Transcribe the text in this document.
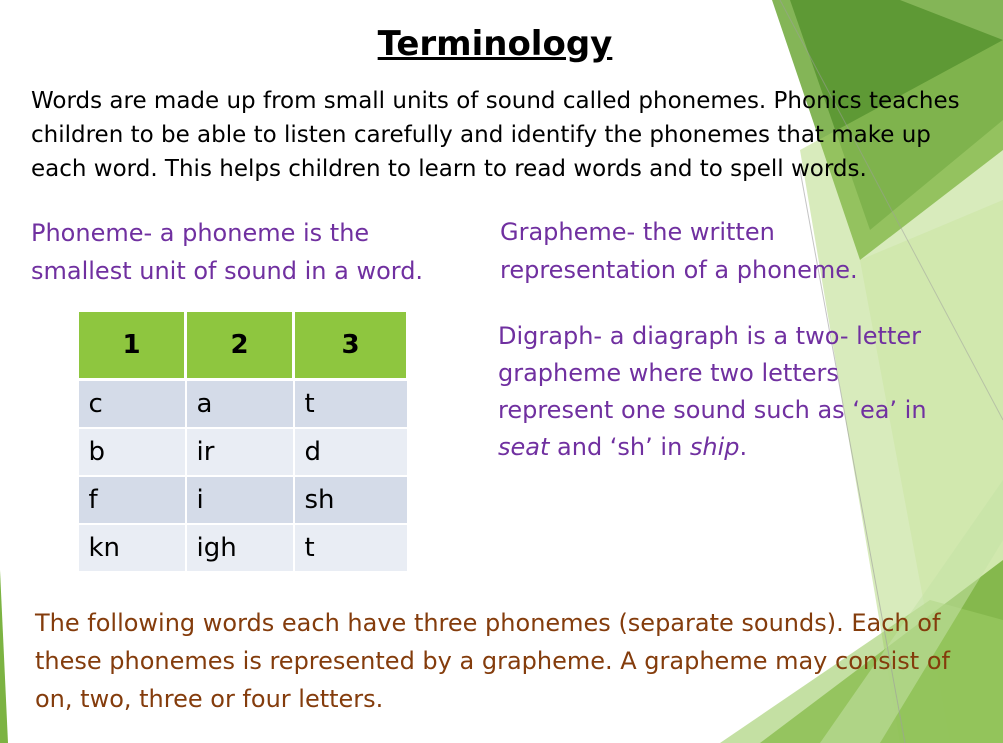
Terminology
Words are made up from small units of sound called phonemes. Phonics teaches children to be able to listen carefully and identify the phonemes that make up each word. This helps children to learn to read words and to spell words.
Phoneme- a phoneme is the
smallest unit of sound in a word.
Grapheme- the written
representation of a phoneme.
Digraph- a diagraph is a two- letter
grapheme where two letters
represent one sound such as ‘ea’ in
seat and ‘sh’ in ship.
1	2	3
c	a	t
b	ir	d
f	i	sh
kn	igh	t
The following words each have three phonemes (separate sounds). Each of these phonemes is represented by a grapheme. A grapheme may consist of on, two, three or four letters.
